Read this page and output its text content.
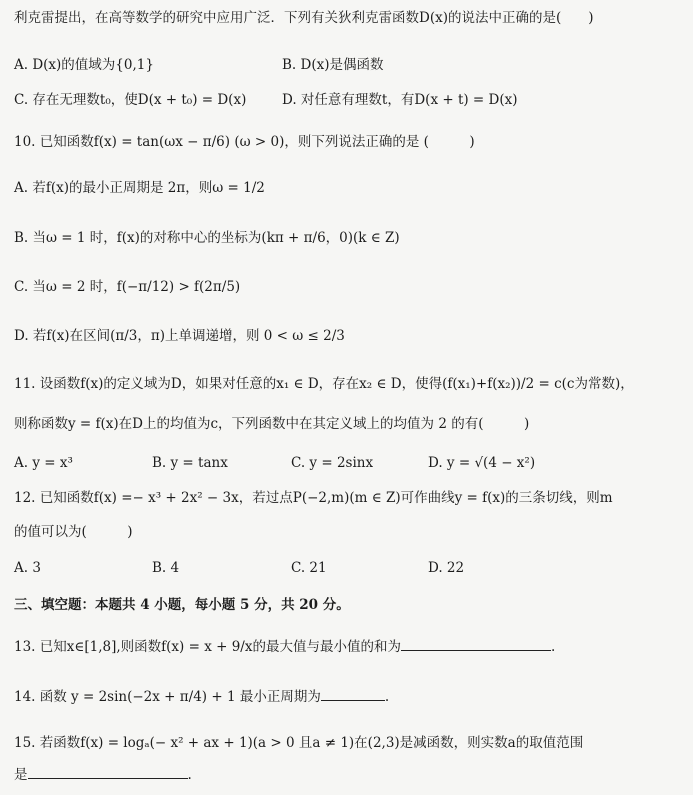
利克雷提出，在高等数学的研究中应用广泛．下列有关狄利克雷函数D(x)的说法中正确的是(　　)
A. D(x)的值域为{0,1}	B. D(x)是偶函数
C. 存在无理数t₀，使D(x + t₀) = D(x)	D. 对任意有理数t，有D(x + t) = D(x)
10. 已知函数f(x) = tan(ωx − π/6) (ω > 0)，则下列说法正确的是 (　　　)
A. 若f(x)的最小正周期是 2π，则ω = 1/2
B. 当ω = 1 时，f(x)的对称中心的坐标为(kπ + π/6，0)(k ∈ Z)
C. 当ω = 2 时，f(−π/12) > f(2π/5)
D. 若f(x)在区间(π/3，π)上单调递增，则 0 < ω ≤ 2/3
11. 设函数f(x)的定义域为D，如果对任意的x₁ ∈ D，存在x₂ ∈ D，使得(f(x₁)+f(x₂))/2 = c(c为常数)，
则称函数y = f(x)在D上的均值为c，下列函数中在其定义域上的均值为 2 的有(　　　)
A. y = x³	B. y = tanx	C. y = 2sinx	D. y = √(4 − x²)
12. 已知函数f(x) =− x³ + 2x² − 3x，若过点P(−2,m)(m ∈ Z)可作曲线y = f(x)的三条切线，则m
的值可以为(　　　)
A. 3	B. 4	C. 21	D. 22
三、填空题：本题共 4 小题，每小题 5 分，共 20 分。
13. 已知x∈[1,8],则函数f(x) = x + 9/x的最大值与最小值的和为	.
14. 函数 y = 2sin(−2x + π/4) + 1 最小正周期为	.
15. 若函数f(x) = logₐ(− x² + ax + 1)(a > 0 且a ≠ 1)在(2,3)是减函数，则实数a的取值范围
是	.
